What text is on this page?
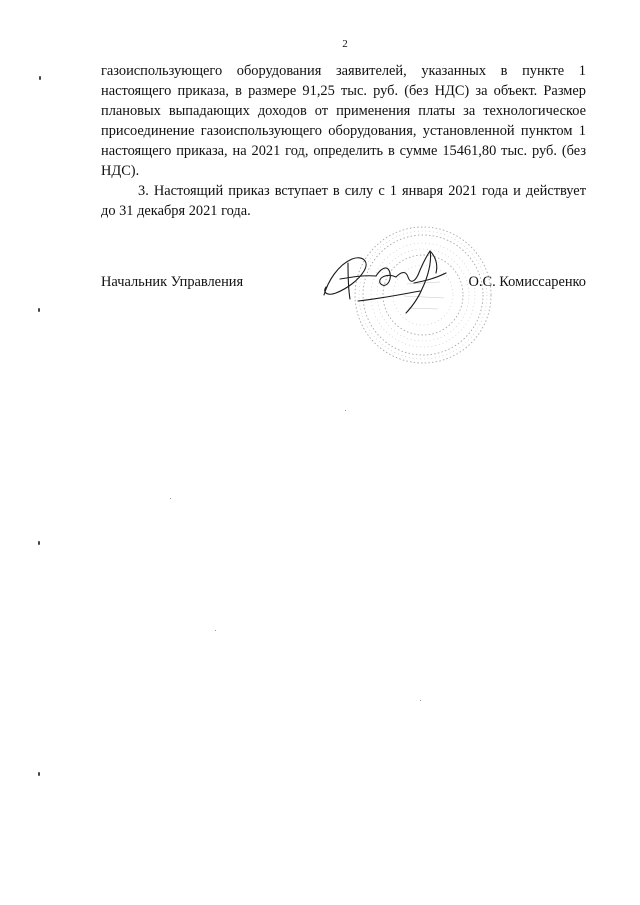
2

газоиспользующего оборудования заявителей, указанных в пункте 1 настоящего приказа, в размере 91,25 тыс. руб. (без НДС) за объект. Размер плановых выпадающих доходов от применения платы за технологическое присоединение газоиспользующего оборудования, установленной пунктом 1 настоящего приказа, на 2021 год, определить в сумме 15461,80 тыс. руб. (без НДС).

3. Настоящий приказ вступает в силу с 1 января 2021 года и действует до 31 декабря 2021 года.

Начальник Управления	О.С. Комиссаренко
